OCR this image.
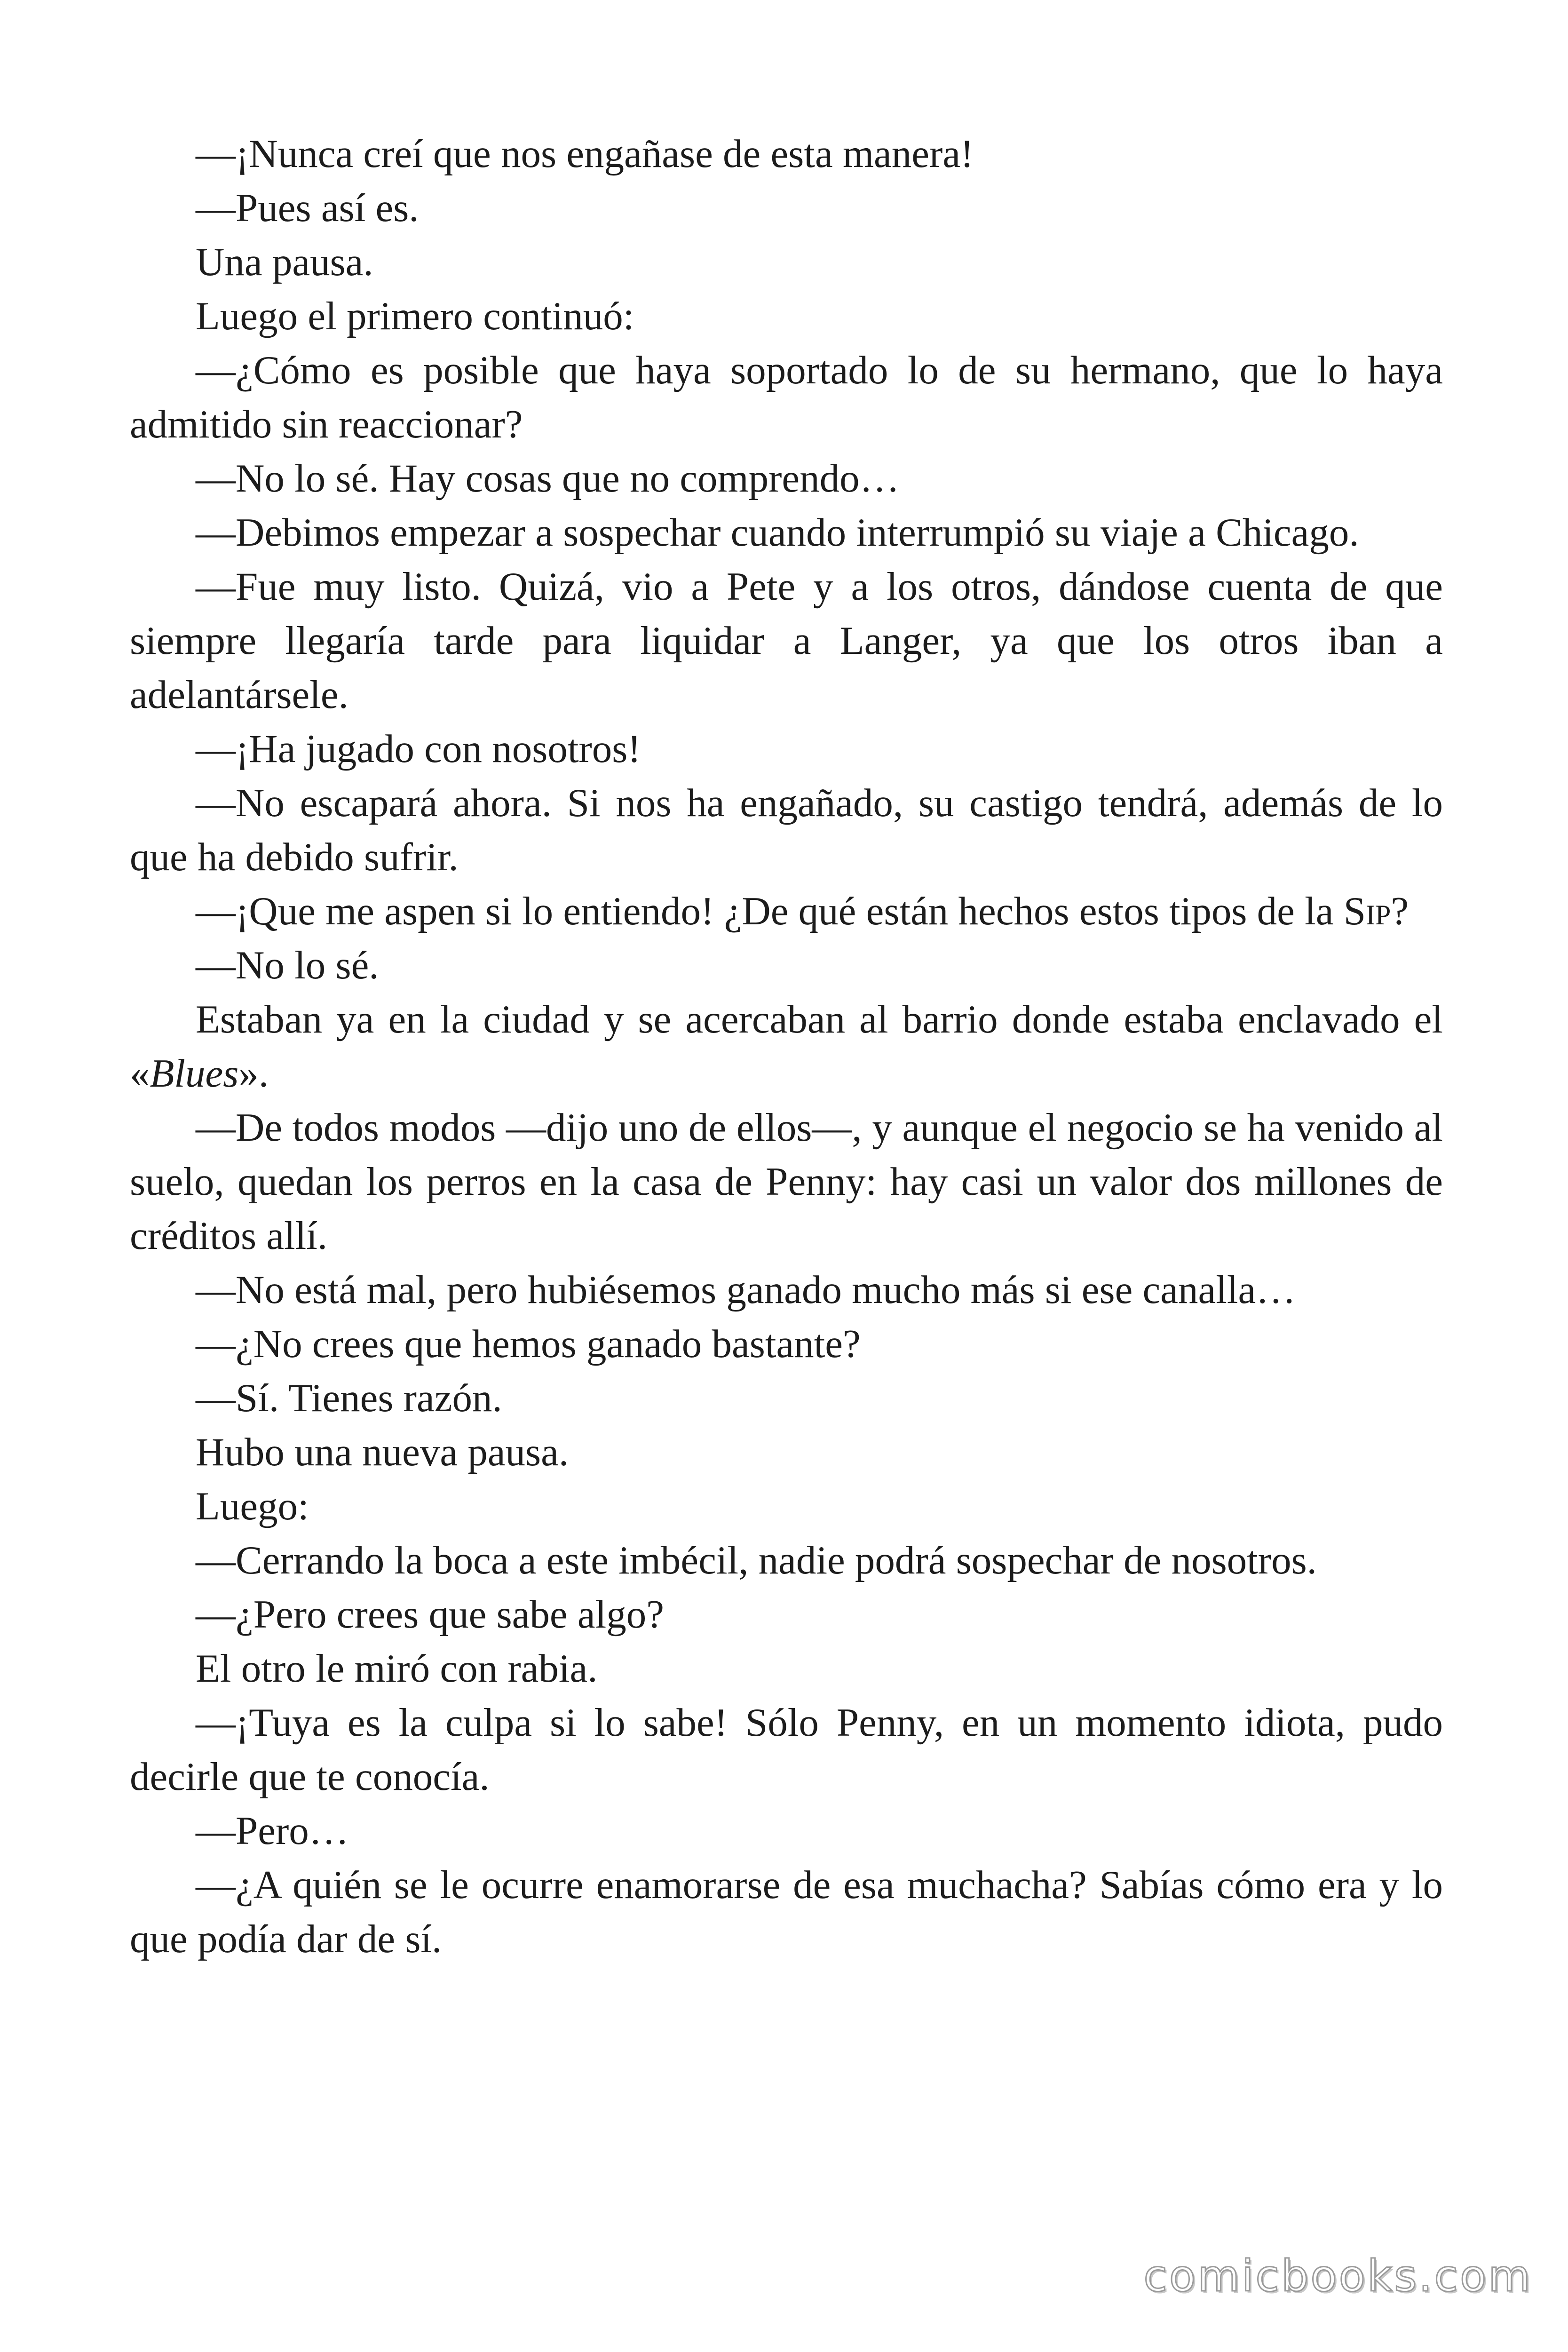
—¡Nunca creí que nos engañase de esta manera!

—Pues así es.

Una pausa.

Luego el primero continuó:

—¿Cómo es posible que haya soportado lo de su hermano, que lo haya admitido sin reaccionar?

—No lo sé. Hay cosas que no comprendo…

—Debimos empezar a sospechar cuando interrumpió su viaje a Chicago.

—Fue muy listo. Quizá, vio a Pete y a los otros, dándose cuenta de que siempre llegaría tarde para liquidar a Langer, ya que los otros iban a adelantársele.

—¡Ha jugado con nosotros!

—No escapará ahora. Si nos ha engañado, su castigo tendrá, además de lo que ha debido sufrir.

—¡Que me aspen si lo entiendo! ¿De qué están hechos estos tipos de la Sip?

—No lo sé.

Estaban ya en la ciudad y se acercaban al barrio donde estaba enclavado el «Blues».

—De todos modos —dijo uno de ellos—, y aunque el negocio se ha venido al suelo, quedan los perros en la casa de Penny: hay casi un valor dos millones de créditos allí.

—No está mal, pero hubiésemos ganado mucho más si ese canalla…

—¿No crees que hemos ganado bastante?

—Sí. Tienes razón.

Hubo una nueva pausa.

Luego:

—Cerrando la boca a este imbécil, nadie podrá sospechar de nosotros.

—¿Pero crees que sabe algo?

El otro le miró con rabia.

—¡Tuya es la culpa si lo sabe! Sólo Penny, en un momento idiota, pudo decirle que te conocía.

—Pero…

—¿A quién se le ocurre enamorarse de esa muchacha? Sabías cómo era y lo que podía dar de sí.

comicbooks.com
